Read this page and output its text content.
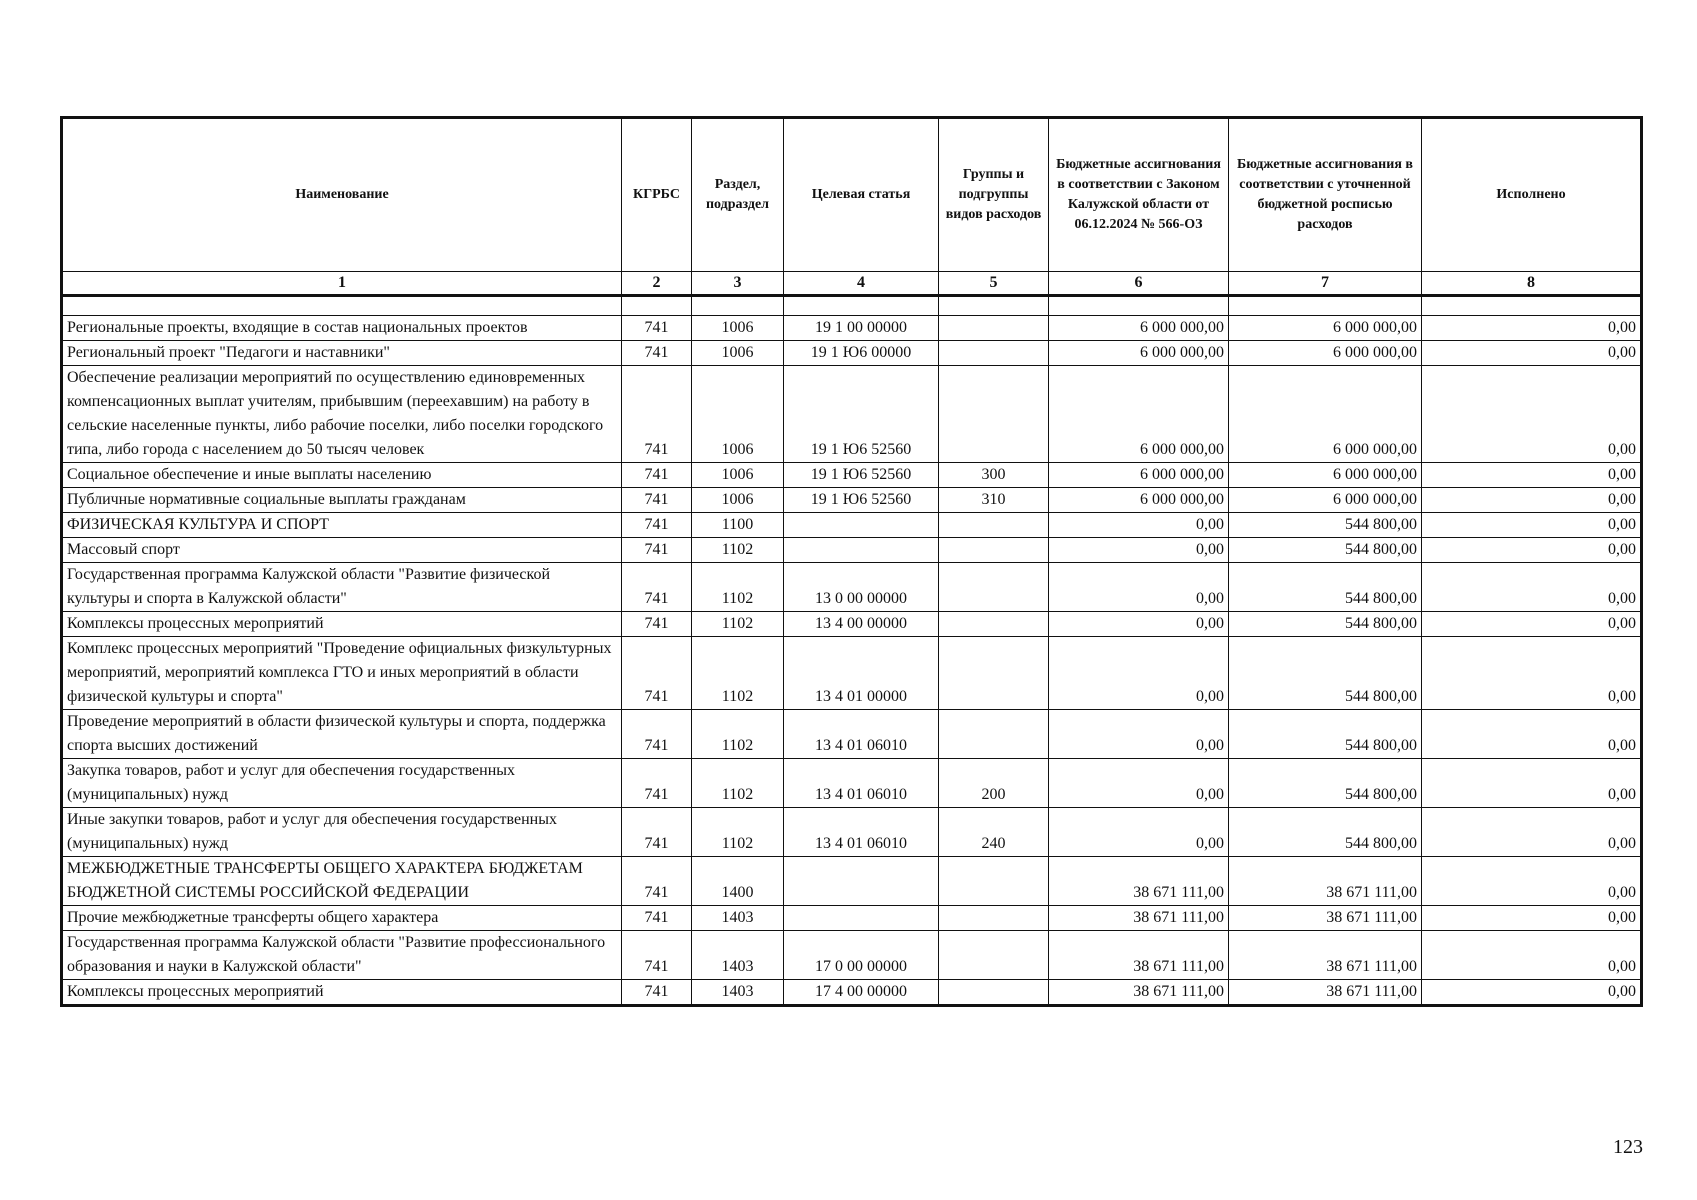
Наименование	КГРБС	Раздел, подраздел	Целевая статья	Группы и подгруппы видов расходов	Бюджетные ассигнования в соответствии с Законом Калужской области от 06.12.2024 № 566-ОЗ	Бюджетные ассигнования в соответствии с уточненной бюджетной росписью расходов	Исполнено
1	2	3	4	5	6	7	8

Региональные проекты, входящие в состав национальных проектов	741	1006	19 1 00 00000		6 000 000,00	6 000 000,00	0,00
Региональный проект "Педагоги и наставники"	741	1006	19 1 Ю6 00000		6 000 000,00	6 000 000,00	0,00
Обеспечение реализации мероприятий по осуществлению единовременных компенсационных выплат учителям, прибывшим (переехавшим) на работу в сельские населенные пункты, либо рабочие поселки, либо поселки городского типа, либо города с населением до 50 тысяч человек	741	1006	19 1 Ю6 52560		6 000 000,00	6 000 000,00	0,00
Социальное обеспечение и иные выплаты населению	741	1006	19 1 Ю6 52560	300	6 000 000,00	6 000 000,00	0,00
Публичные нормативные социальные выплаты гражданам	741	1006	19 1 Ю6 52560	310	6 000 000,00	6 000 000,00	0,00
ФИЗИЧЕСКАЯ КУЛЬТУРА И СПОРТ	741	1100			0,00	544 800,00	0,00
Массовый спорт	741	1102			0,00	544 800,00	0,00
Государственная программа Калужской области "Развитие физической культуры и спорта в Калужской области"	741	1102	13 0 00 00000		0,00	544 800,00	0,00
Комплексы процессных мероприятий	741	1102	13 4 00 00000		0,00	544 800,00	0,00
Комплекс процессных мероприятий "Проведение официальных физкультурных мероприятий, мероприятий комплекса ГТО и иных мероприятий в области физической культуры и спорта"	741	1102	13 4 01 00000		0,00	544 800,00	0,00
Проведение мероприятий в области физической культуры и спорта, поддержка спорта высших достижений	741	1102	13 4 01 06010		0,00	544 800,00	0,00
Закупка товаров, работ и услуг для обеспечения государственных (муниципальных) нужд	741	1102	13 4 01 06010	200	0,00	544 800,00	0,00
Иные закупки товаров, работ и услуг для обеспечения государственных (муниципальных) нужд	741	1102	13 4 01 06010	240	0,00	544 800,00	0,00
МЕЖБЮДЖЕТНЫЕ ТРАНСФЕРТЫ ОБЩЕГО ХАРАКТЕРА БЮДЖЕТАМ БЮДЖЕТНОЙ СИСТЕМЫ РОССИЙСКОЙ ФЕДЕРАЦИИ	741	1400			38 671 111,00	38 671 111,00	0,00
Прочие межбюджетные трансферты общего характера	741	1403			38 671 111,00	38 671 111,00	0,00
Государственная программа Калужской области "Развитие профессионального образования и науки в Калужской области"	741	1403	17 0 00 00000		38 671 111,00	38 671 111,00	0,00
Комплексы процессных мероприятий	741	1403	17 4 00 00000		38 671 111,00	38 671 111,00	0,00
123
